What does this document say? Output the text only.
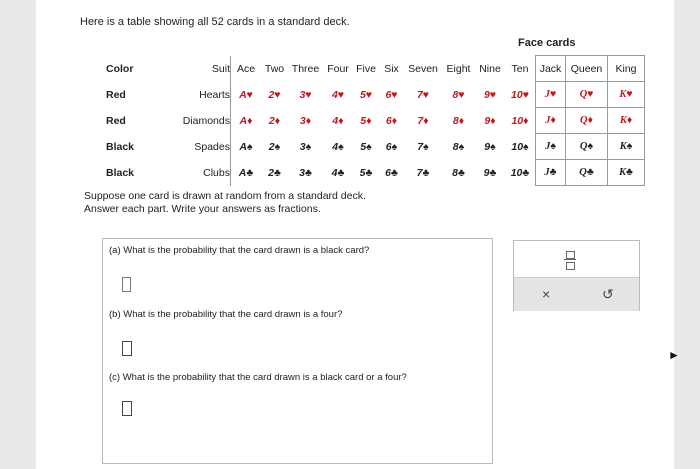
Here is a table showing all 52 cards in a standard deck.
Face cards
Color	Suit	Ace	Two	Three	Four	Five	Six	Seven	Eight	Nine	Ten	Jack	Queen	King
Red	Hearts	A♥	2♥	3♥	4♥	5♥	6♥	7♥	8♥	9♥	10♥	J♥	Q♥	K♥
Red	Diamonds	A♦	2♦	3♦	4♦	5♦	6♦	7♦	8♦	9♦	10♦	J♦	Q♦	K♦
Black	Spades	A♠	2♠	3♠	4♠	5♠	6♠	7♠	8♠	9♠	10♠	J♠	Q♠	K♠
Black	Clubs	A♣	2♣	3♣	4♣	5♣	6♣	7♣	8♣	9♣	10♣	J♣	Q♣	K♣
Suppose one card is drawn at random from a standard deck.
Answer each part. Write your answers as fractions.
(a) What is the probability that the card drawn is a black card?
(b) What is the probability that the card drawn is a four?
(c) What is the probability that the card drawn is a black card or a four?
×	↺
►
